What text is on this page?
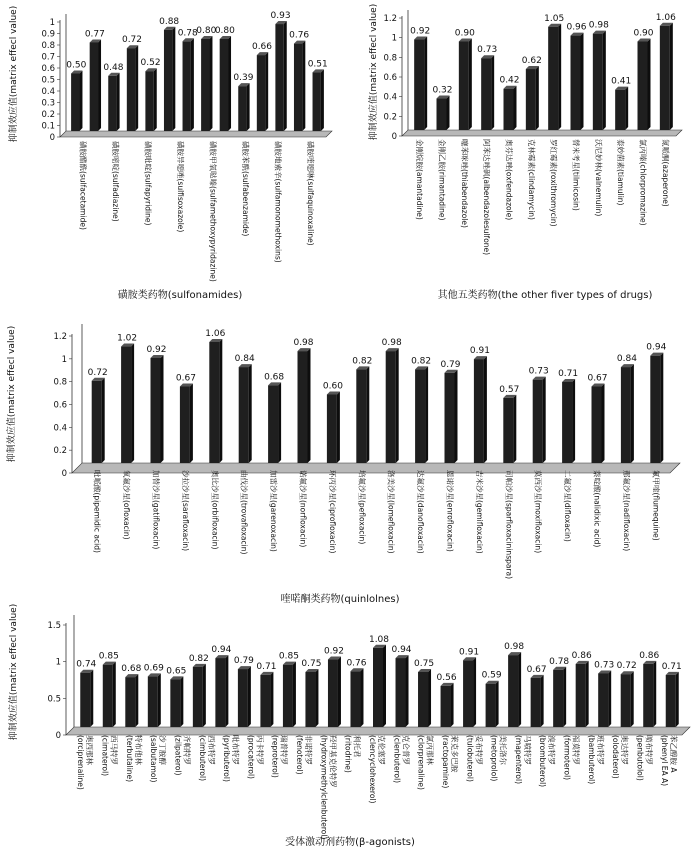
0
0.1
0.2
0.3
0.4
0.5
0.6
0.7
0.8
0.9
1
抑制效应值(matrix effecl value)	0.50
0.77
0.48
0.72
0.52
0.88
0.78
0.80
0.80
0.39
0.66
0.93
0.76
0.51
磺胺醋酰(sulfacetamide)	磺胺嘧啶(sulfadiazine)	磺胺吡啶(sulfapyridine)	磺胺异噁唑(sulfisoxazole)	磺胺甲氧哒嗪(sulfamethoxypyridazine)	磺胺苯酰(sulfabenzamide)	磺胺地索辛(sulfamonomethoxins)	磺胺喹噁啉(sulfaquinoxaline)
磺胺类药物(sulfonamides)
0
0.2
0.4
0.6
0.8
1
1.2
抑制效应值(matrix effecl value)	0.92
0.32
0.90
0.73
0.42
0.62
1.05
0.96 0.98
0.41
0.90
1.06
金刚烷胺(amantadine) 金刚乙胺(rimantadine) 噻苯咪唑(thiabendazole) 阿苯达唑砜(albendazolesulfone) 奥芬达唑(oxfendazole) 克林霉素(clindamycin) 罗红霉素(roxithromycin) 替米考星(tilmicosin) 沃尼妙林(valnemulin) 泰妙菌素(tiamulin) 氯丙嗪(chlorpromazine) 氮哌酮(azaperone)
其他五类药物(the other fiver types of drugs)
0
0.2
0.4
0.6
0.8
1
1.2
抑制效应值(matrix effecl value)	0.72
1.02
0.92
0.67
1.06
0.84
0.68
0.98
0.60
0.82
0.98
0.82 0.79
0.91
0.57
0.73 0.71 0.67
0.84
0.94
吡哌酸(pipemidic acid)	氧氟沙星(ofloxacin)	加替沙星(gatifloxacin)	沙拉沙星(sarafloxacin)	奥比沙星(orbifloxacin)	曲伐沙星(trovafloxacin)	加雷沙星(garenoxacin)	诺氟沙星(norfloxacin)	环丙沙星(ciprofloxacin)	培氟沙星(pefloxacin)	洛美沙星(lomefloxacin)	达氟沙星(danofloxacin)	恩诺沙星(enrofloxacin)	吉米沙星(gemifloxacin)	司帕沙星(sparfloxacininspara)	莫西沙星(moxifloxacin)	二氟沙星(difloxacin)	萘啶酸(nalidixic acid)	那氟沙星(nadifloxacin)	氟甲喹(flumequine)
喹喏酮类药物(quinlolnes)
0
0.5
1
1.5
抑制效应值(matrix effecl value)	0.74
0.85
0.68 0.69 0.65
0.82
0.94
0.79
0.71
0.85
0.75
0.92
0.76
1.08
0.94
0.75
0.56
0.91
0.59
0.98
0.67
0.78
0.86
0.73 0.72
0.86
0.71
奥西那林
(orciprenaline)	西马特罗
(cimaterol)	特布他林
(terbutaline)	沙丁胺醇
(salbutamol)	齐帕特罗
(zilpaterol)	西布特罗
(cimbuterol)	吡布特罗
(pyributerol)	丙卡特罗
(procaterol)	瑞普特罗
(reproterol)	非诺特罗
(fenoterol)	羟甲基克伦特罗
(hydroxymethylclenbuterol)	利托君
(ritodrine)	克伦塞罗
(clencyclohexerol)	克仑普罗
(clenbuterol)	氯丙那林
(clorprenaline)	莱克多巴胺
(ractopamine)	妥布特罗
(tulobuterol)	美托洛尔
(metoprolol)	马喷特罗
(mapenterol)	溴布特罗
(brombuterol)	福莫特罗
(formoterol)	班布特罗
(bambuterol)	奥达特罗
(olodaterol)	喷布特罗
(penbutolol)	苯乙醇胺 A
(phenyl EA A)
受体激动剂药物(β-agonists)
